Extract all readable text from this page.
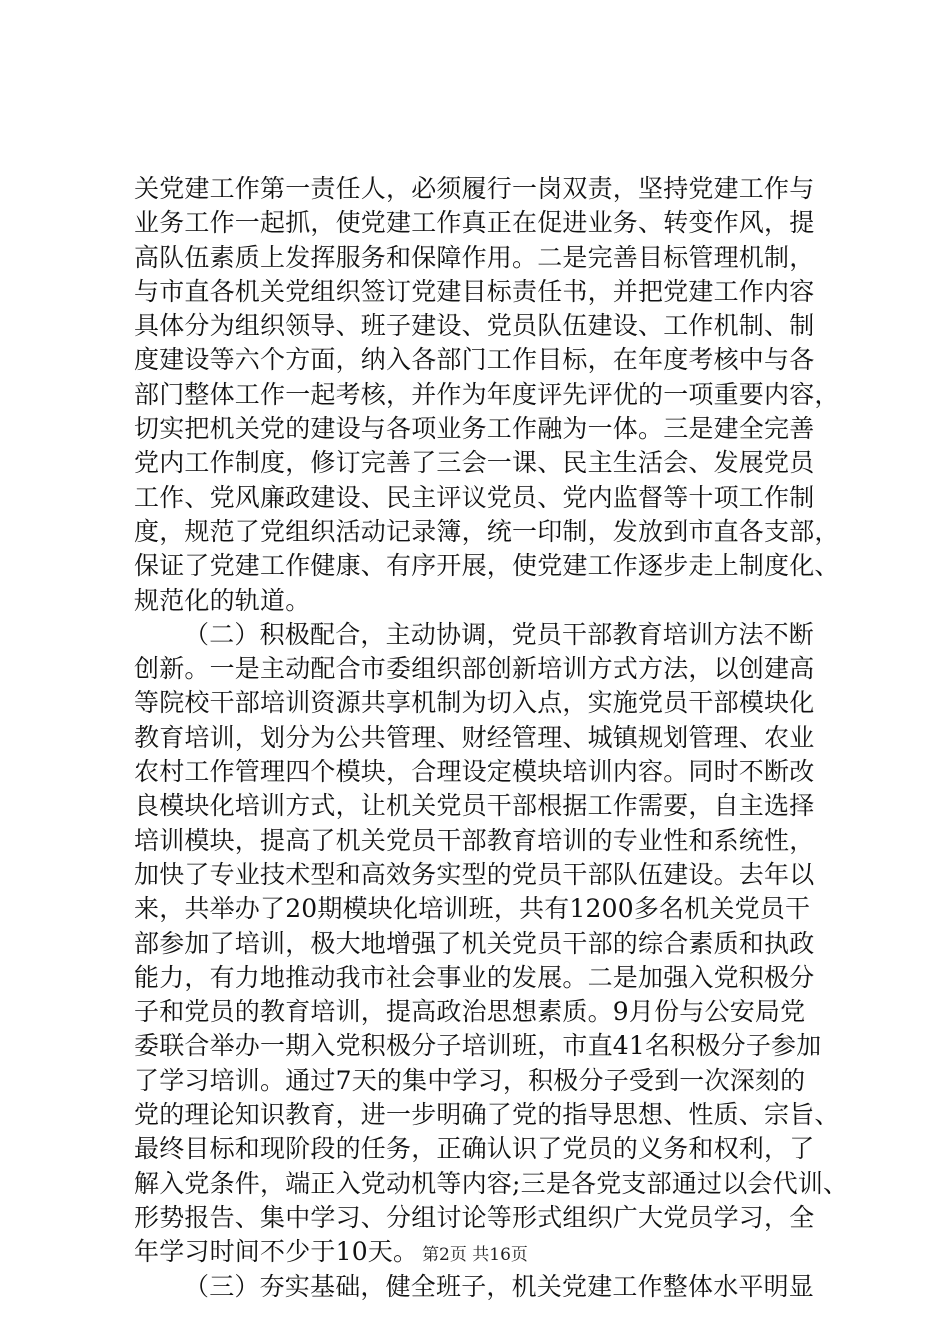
关党建工作第一责任人，必须履行一岗双责，坚持党建工作与
业务工作一起抓，使党建工作真正在促进业务、转变作风，提
高队伍素质上发挥服务和保障作用。二是完善目标管理机制，
与市直各机关党组织签订党建目标责任书，并把党建工作内容
具体分为组织领导、班子建设、党员队伍建设、工作机制、制
度建设等六个方面，纳入各部门工作目标，在年度考核中与各
部门整体工作一起考核，并作为年度评先评优的一项重要内容，
切实把机关党的建设与各项业务工作融为一体。三是建全完善
党内工作制度，修订完善了三会一课、民主生活会、发展党员
工作、党风廉政建设、民主评议党员、党内监督等十项工作制
度，规范了党组织活动记录簿，统一印制，发放到市直各支部，
保证了党建工作健康、有序开展，使党建工作逐步走上制度化、
规范化的轨道。
（二）积极配合，主动协调，党员干部教育培训方法不断
创新。一是主动配合市委组织部创新培训方式方法，以创建高
等院校干部培训资源共享机制为切入点，实施党员干部模块化
教育培训，划分为公共管理、财经管理、城镇规划管理、农业
农村工作管理四个模块，合理设定模块培训内容。同时不断改
良模块化培训方式，让机关党员干部根据工作需要，自主选择
培训模块，提高了机关党员干部教育培训的专业性和系统性，
加快了专业技术型和高效务实型的党员干部队伍建设。去年以
来，共举办了20期模块化培训班，共有1200多名机关党员干
部参加了培训，极大地增强了机关党员干部的综合素质和执政
能力，有力地推动我市社会事业的发展。二是加强入党积极分
子和党员的教育培训，提高政治思想素质。9月份与公安局党
委联合举办一期入党积极分子培训班，市直41名积极分子参加
了学习培训。通过7天的集中学习，积极分子受到一次深刻的
党的理论知识教育，进一步明确了党的指导思想、性质、宗旨、
最终目标和现阶段的任务，正确认识了党员的义务和权利，了
解入党条件，端正入党动机等内容;三是各党支部通过以会代训、
形势报告、集中学习、分组讨论等形式组织广大党员学习，全
年学习时间不少于10天。
（三）夯实基础，健全班子，机关党建工作整体水平明显
第2页 共16页
